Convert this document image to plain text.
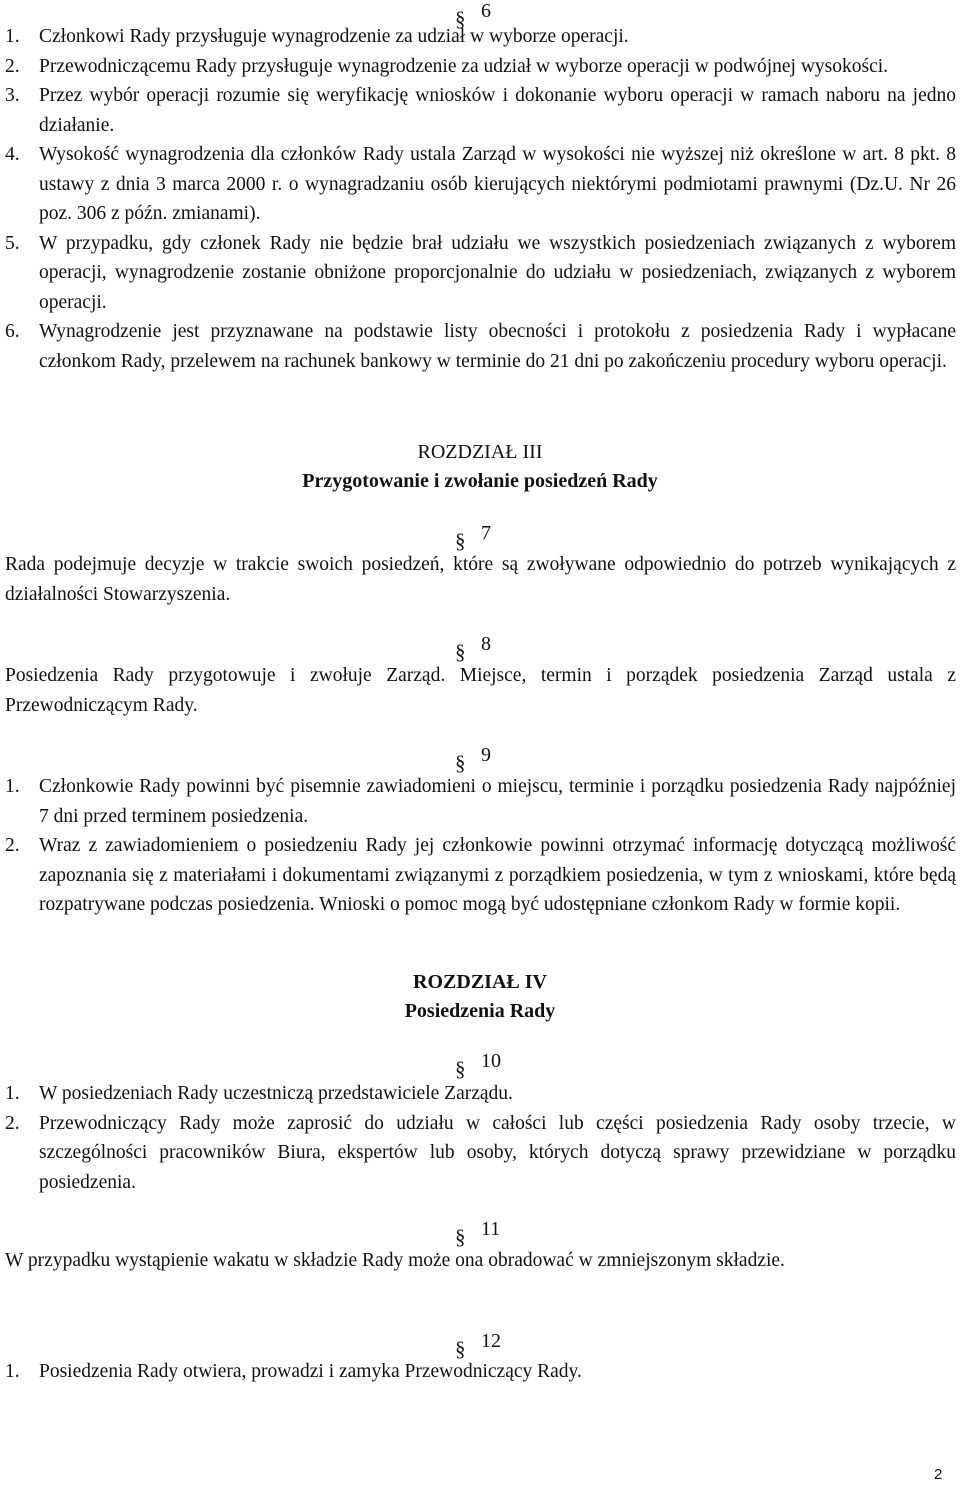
§ 6
1. Członkowi Rady przysługuje wynagrodzenie za udział w wyborze operacji.
2. Przewodniczącemu Rady przysługuje wynagrodzenie za udział w wyborze operacji w podwójnej wysokości.
3. Przez wybór operacji rozumie się weryfikację wniosków i dokonanie wyboru operacji w ramach naboru na jedno działanie.
4. Wysokość wynagrodzenia dla członków Rady ustala Zarząd w wysokości nie wyższej niż określone w art. 8 pkt. 8 ustawy z dnia 3 marca 2000 r. o wynagradzaniu osób kierujących niektórymi podmiotami prawnymi (Dz.U. Nr 26 poz. 306 z późn. zmianami).
5. W przypadku, gdy członek Rady nie będzie brał udziału we wszystkich posiedzeniach związanych z wyborem operacji, wynagrodzenie zostanie obniżone proporcjonalnie do udziału w posiedzeniach, związanych z wyborem operacji.
6. Wynagrodzenie jest przyznawane na podstawie listy obecności i protokołu z posiedzenia Rady i wypłacane członkom Rady, przelewem na rachunek bankowy w terminie do 21 dni po zakończeniu procedury wyboru operacji.
ROZDZIAŁ III
Przygotowanie i zwołanie posiedzeń Rady
§ 7

Rada podejmuje decyzje w trakcie swoich posiedzeń, które są zwoływane odpowiednio do potrzeb wynikających z działalności Stowarzyszenia.

§ 8

Posiedzenia Rady przygotowuje i zwołuje Zarząd. Miejsce, termin i porządek posiedzenia Zarząd ustala z Przewodniczącym Rady.

§ 9
1. Członkowie Rady powinni być pisemnie zawiadomieni o miejscu, terminie i porządku posiedzenia Rady najpóźniej 7 dni przed terminem posiedzenia.
2. Wraz z zawiadomieniem o posiedzeniu Rady jej członkowie powinni otrzymać informację dotyczącą możliwość zapoznania się z materiałami i dokumentami związanymi z porządkiem posiedzenia, w tym z wnioskami, które będą rozpatrywane podczas posiedzenia. Wnioski o pomoc mogą być udostępniane członkom Rady w formie kopii.
ROZDZIAŁ IV
Posiedzenia Rady
§ 10
1. W posiedzeniach Rady uczestniczą przedstawiciele Zarządu.
2. Przewodniczący Rady może zaprosić do udziału w całości lub części posiedzenia Rady osoby trzecie, w szczególności pracowników Biura, ekspertów lub osoby, których dotyczą sprawy przewidziane w porządku posiedzenia.
§ 11

W przypadku wystąpienie wakatu w składzie Rady może ona obradować w zmniejszonym składzie.

§ 12
1. Posiedzenia Rady otwiera, prowadzi i zamyka Przewodniczący Rady.
2
